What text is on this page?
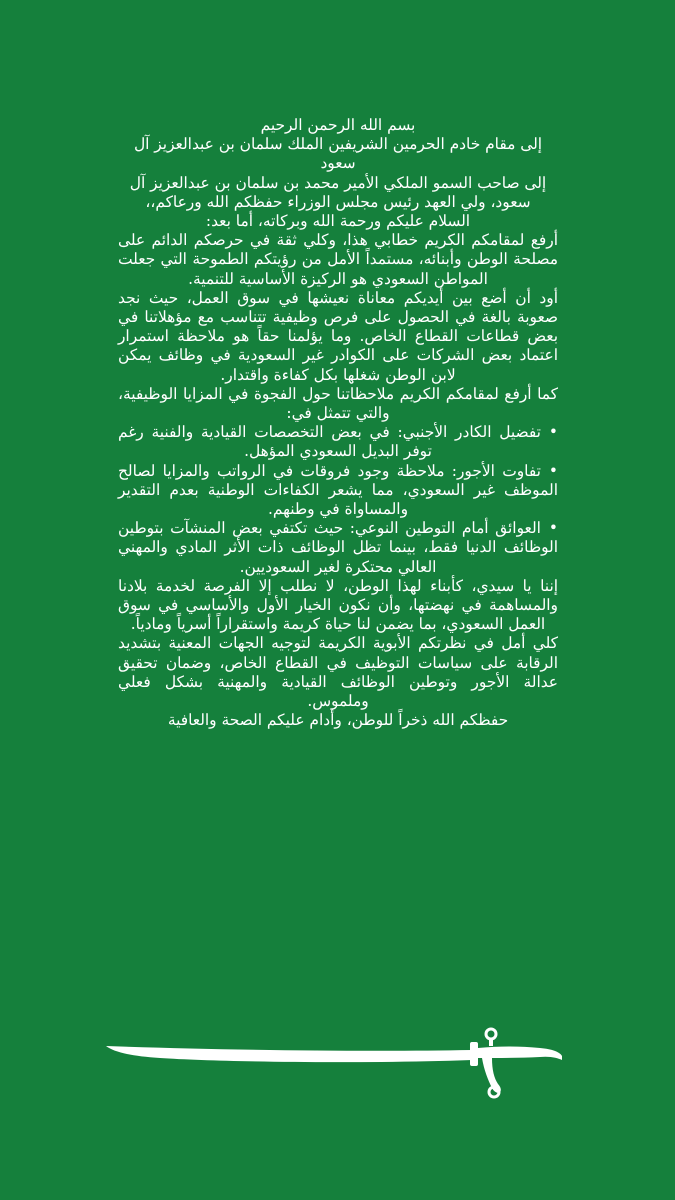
بسم الله الرحمن الرحيم

إلى مقام خادم الحرمين الشريفين الملك سلمان بن عبدالعزيز آل سعود

إلى صاحب السمو الملكي الأمير محمد بن سلمان بن عبدالعزيز آل سعود، ولي العهد رئيس مجلس الوزراء حفظكم الله ورعاكم،،

السلام عليكم ورحمة الله وبركاته، أما بعد:

أرفع لمقامكم الكريم خطابي هذا، وكلي ثقة في حرصكم الدائم على مصلحة الوطن وأبنائه، مستمداً الأمل من رؤيتكم الطموحة التي جعلت المواطن السعودي هو الركيزة الأساسية للتنمية.

أود أن أضع بين أيديكم معاناة نعيشها في سوق العمل، حيث نجد صعوبة بالغة في الحصول على فرص وظيفية تتناسب مع مؤهلاتنا في بعض قطاعات القطاع الخاص. وما يؤلمنا حقاً هو ملاحظة استمرار اعتماد بعض الشركات على الكوادر غير السعودية في وظائف يمكن لابن الوطن شغلها بكل كفاءة واقتدار.

كما أرفع لمقامكم الكريم ملاحظاتنا حول الفجوة في المزايا الوظيفية، والتي تتمثل في:

•تفضيل الكادر الأجنبي: في بعض التخصصات القيادية والفنية رغم توفر البديل السعودي المؤهل.
•تفاوت الأجور: ملاحظة وجود فروقات في الرواتب والمزايا لصالح الموظف غير السعودي، مما يشعر الكفاءات الوطنية بعدم التقدير والمساواة في وطنهم.
•العوائق أمام التوطين النوعي: حيث تكتفي بعض المنشآت بتوطين الوظائف الدنيا فقط، بينما تظل الوظائف ذات الأثر المادي والمهني العالي محتكرة لغير السعوديين.

إننا يا سيدي، كأبناء لهذا الوطن، لا نطلب إلا الفرصة لخدمة بلادنا والمساهمة في نهضتها، وأن نكون الخيار الأول والأساسي في سوق العمل السعودي، بما يضمن لنا حياة كريمة واستقراراً أسرياً ومادياً.

كلي أمل في نظرتكم الأبوية الكريمة لتوجيه الجهات المعنية بتشديد الرقابة على سياسات التوظيف في القطاع الخاص، وضمان تحقيق عدالة الأجور وتوطين الوظائف القيادية والمهنية بشكل فعلي وملموس.

حفظكم الله ذخراً للوطن، وأدام عليكم الصحة والعافية
